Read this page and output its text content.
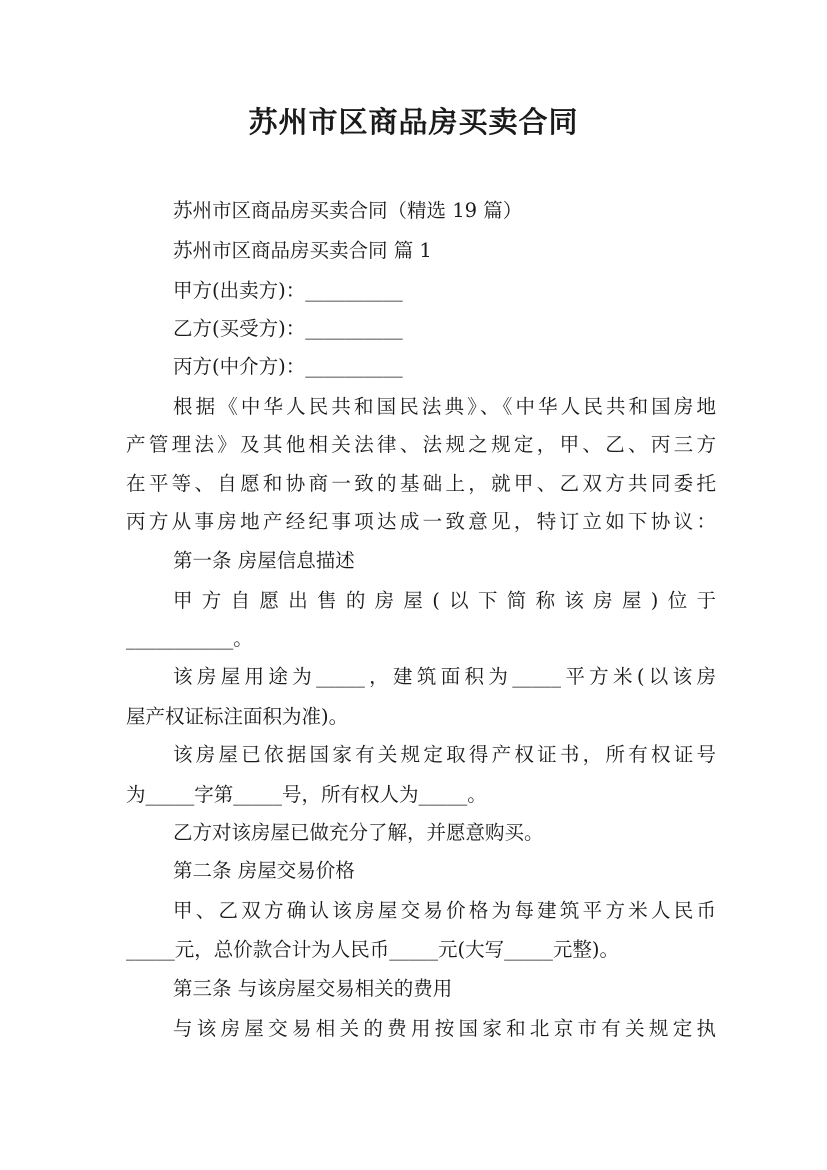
苏州市区商品房买卖合同

苏州市区商品房买卖合同（精选 19 篇）

苏州市区商品房买卖合同 篇 1

甲方(出卖方)：__________

乙方(买受方)：__________

丙方(中介方)：__________

根据《中华人民共和国民法典》、《中华人民共和国房地

产管理法》及其他相关法律、法规之规定，甲、乙、丙三方

在平等、自愿和协商一致的基础上，就甲、乙双方共同委托

丙方从事房地产经纪事项达成一致意见，特订立如下协议：

第一条 房屋信息描述

甲方自愿出售的房屋(以下简称该房屋)位于

___________。

该房屋用途为_____，建筑面积为_____平方米(以该房

屋产权证标注面积为准)。

该房屋已依据国家有关规定取得产权证书，所有权证号

为_____字第_____号，所有权人为_____。

乙方对该房屋已做充分了解，并愿意购买。

第二条 房屋交易价格

甲、乙双方确认该房屋交易价格为每建筑平方米人民币

_____元，总价款合计为人民币_____元(大写_____元整)。

第三条 与该房屋交易相关的费用

与该房屋交易相关的费用按国家和北京市有关规定执
